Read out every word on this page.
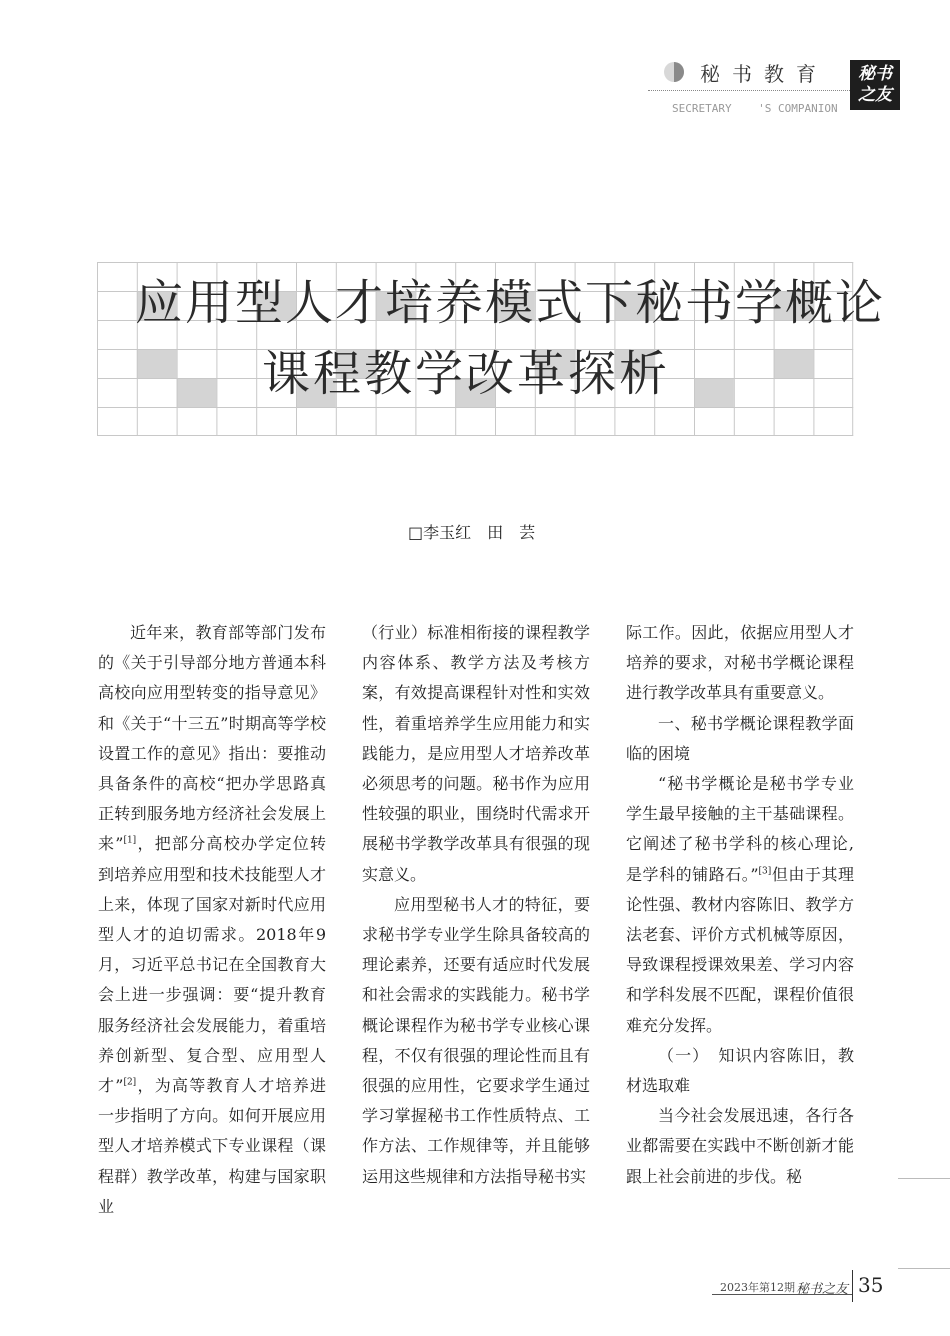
秘书教育 秘书
之友
SECRETARY    'S COMPANION
应用型人才培养模式下秘书学概论
课程教学改革探析
□李玉红　田　芸

近年来，教育部等部门发布的《关于引导部分地方普通本科高校向应用型转变的指导意见》和《关于“十三五”时期高等学校设置工作的意见》指出：要推动具备条件的高校“把办学思路真正转到服务地方经济社会发展上来”[1]，把部分高校办学定位转到培养应用型和技术技能型人才上来，体现了国家对新时代应用型人才的迫切需求。2018年9月，习近平总书记在全国教育大会上进一步强调：要“提升教育服务经济社会发展能力，着重培养创新型、复合型、应用型人才”[2]，为高等教育人才培养进一步指明了方向。如何开展应用型人才培养模式下专业课程（课程群）教学改革，构建与国家职业

（行业）标准相衔接的课程教学内容体系、教学方法及考核方案，有效提高课程针对性和实效性，着重培养学生应用能力和实践能力，是应用型人才培养改革必须思考的问题。秘书作为应用性较强的职业，围绕时代需求开展秘书学教学改革具有很强的现实意义。

应用型秘书人才的特征，要求秘书学专业学生除具备较高的理论素养，还要有适应时代发展和社会需求的实践能力。秘书学概论课程作为秘书学专业核心课程，不仅有很强的理论性而且有很强的应用性，它要求学生通过学习掌握秘书工作性质特点、工作方法、工作规律等，并且能够运用这些规律和方法指导秘书实

际工作。因此，依据应用型人才培养的要求，对秘书学概论课程进行教学改革具有重要意义。

一、秘书学概论课程教学面临的困境

“秘书学概论是秘书学专业学生最早接触的主干基础课程。它阐述了秘书学科的核心理论,是学科的铺路石。”[3]但由于其理论性强、教材内容陈旧、教学方法老套、评价方式机械等原因，导致课程授课效果差、学习内容和学科发展不匹配，课程价值很难充分发挥。

（一）　知识内容陈旧，教材选取难

当今社会发展迅速，各行各业都需要在实践中不断创新才能跟上社会前进的步伐。秘

2023年第12期 秘书之友 35
